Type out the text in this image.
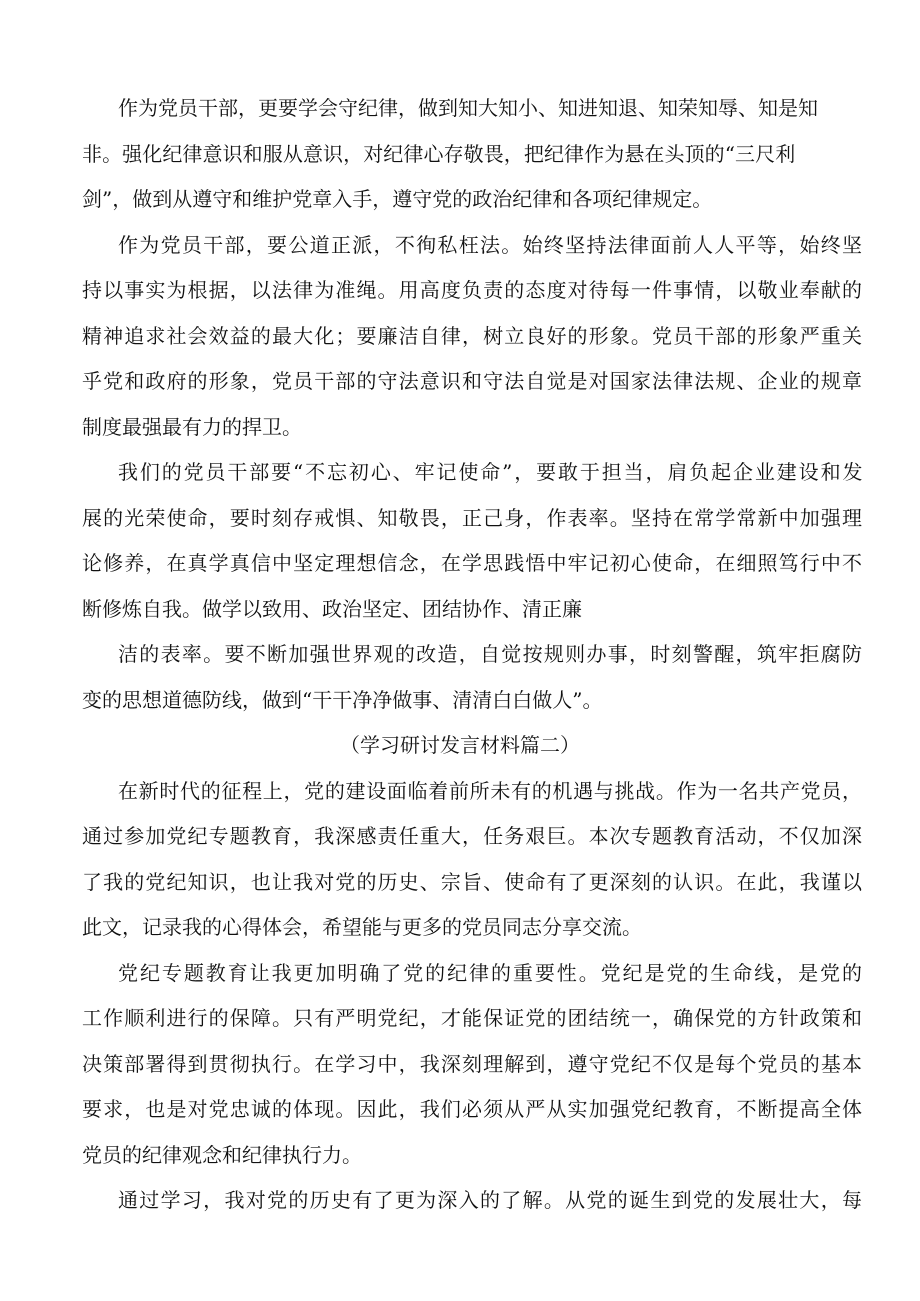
作为党员干部，更要学会守纪律，做到知大知小、知进知退、知荣知辱、知是知
非。强化纪律意识和服从意识，对纪律心存敬畏，把纪律作为悬在头顶的“三尺利
剑”，做到从遵守和维护党章入手，遵守党的政治纪律和各项纪律规定。
作为党员干部，要公道正派，不徇私枉法。始终坚持法律面前人人平等，始终坚
持以事实为根据，以法律为准绳。用高度负责的态度对待每一件事情，以敬业奉献的
精神追求社会效益的最大化；要廉洁自律，树立良好的形象。党员干部的形象严重关
乎党和政府的形象，党员干部的守法意识和守法自觉是对国家法律法规、企业的规章
制度最强最有力的捍卫。
我们的党员干部要“不忘初心、牢记使命”，要敢于担当，肩负起企业建设和发
展的光荣使命，要时刻存戒惧、知敬畏，正己身，作表率。坚持在常学常新中加强理
论修养，在真学真信中坚定理想信念，在学思践悟中牢记初心使命，在细照笃行中不
断修炼自我。做学以致用、政治坚定、团结协作、清正廉
洁的表率。要不断加强世界观的改造，自觉按规则办事，时刻警醒，筑牢拒腐防
变的思想道德防线，做到“干干净净做事、清清白白做人”。
（学习研讨发言材料篇二）
在新时代的征程上，党的建设面临着前所未有的机遇与挑战。作为一名共产党员，
通过参加党纪专题教育，我深感责任重大，任务艰巨。本次专题教育活动，不仅加深
了我的党纪知识，也让我对党的历史、宗旨、使命有了更深刻的认识。在此，我谨以
此文，记录我的心得体会，希望能与更多的党员同志分享交流。
党纪专题教育让我更加明确了党的纪律的重要性。党纪是党的生命线，是党的
工作顺利进行的保障。只有严明党纪，才能保证党的团结统一，确保党的方针政策和
决策部署得到贯彻执行。在学习中，我深刻理解到，遵守党纪不仅是每个党员的基本
要求，也是对党忠诚的体现。因此，我们必须从严从实加强党纪教育，不断提高全体
党员的纪律观念和纪律执行力。
通过学习，我对党的历史有了更为深入的了解。从党的诞生到党的发展壮大，每
